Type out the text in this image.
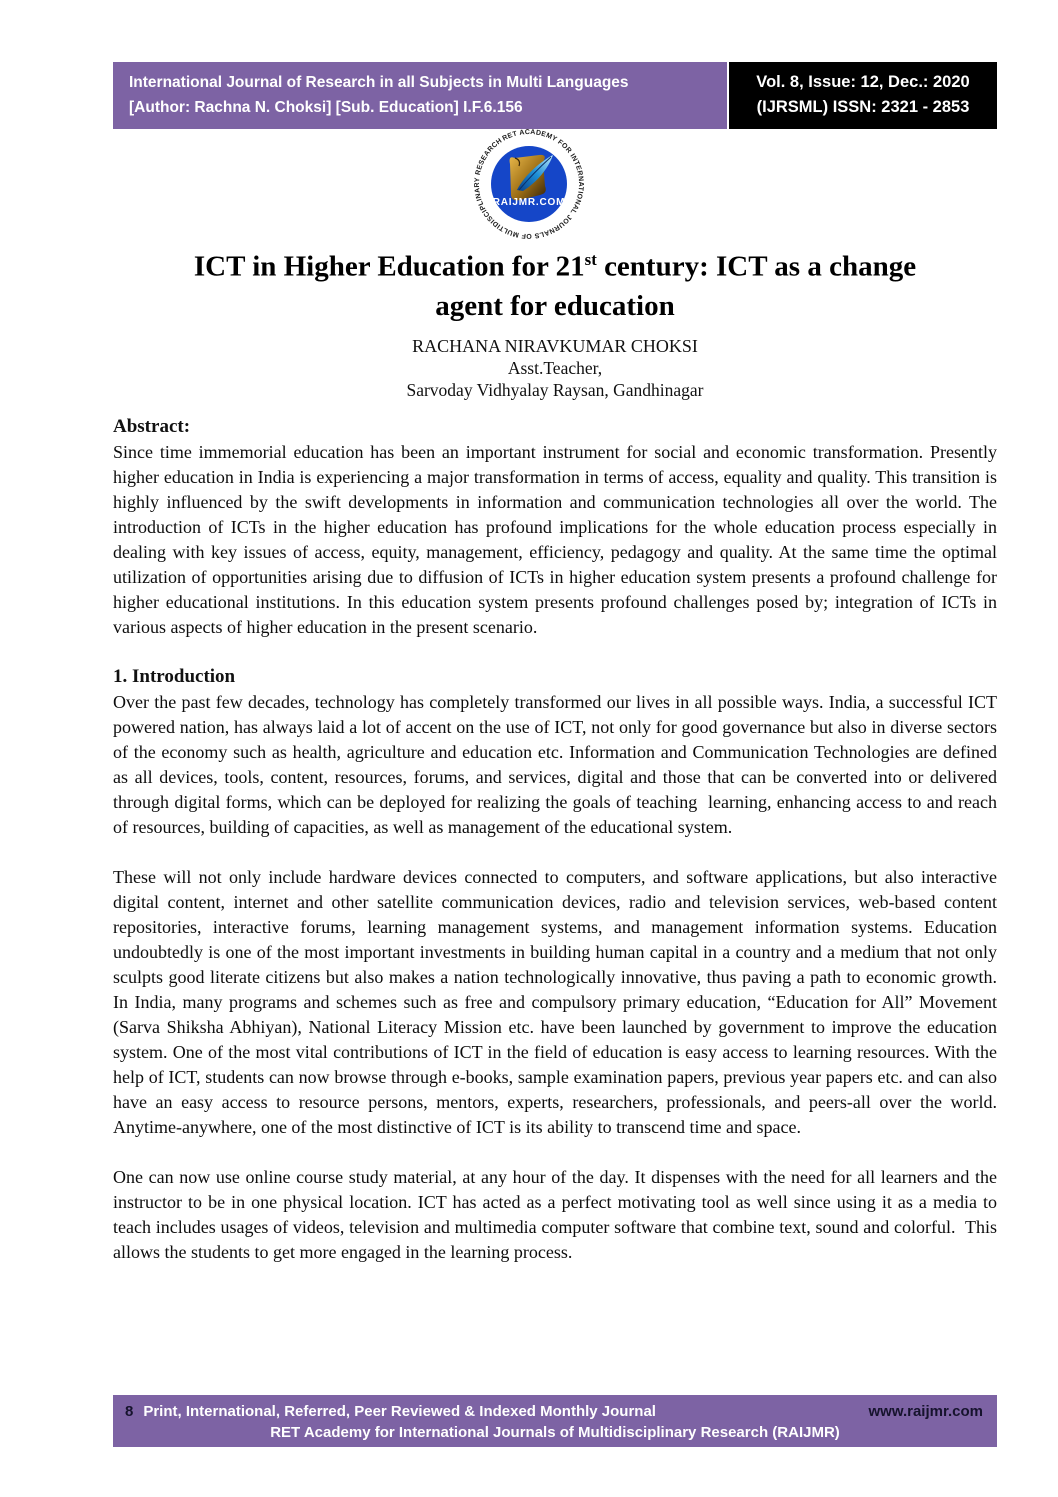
International Journal of Research in all Subjects in Multi Languages
[Author: Rachna N. Choksi] [Sub. Education] I.F.6.156
Vol. 8, Issue: 12, Dec.: 2020
(IJRSML) ISSN: 2321 - 2853
RET ACADEMY FOR INTERNATIONAL JOURNALS OF MULTIDISCIPLINARY RESEARCH
RAIJMR.COM
ICT in Higher Education for 21st century: ICT as a change
agent for education
RACHANA NIRAVKUMAR CHOKSI
Asst.Teacher,
Sarvoday Vidhyalay Raysan, Gandhinagar
Abstract:
Since time immemorial education has been an important instrument for social and economic transformation. Presently higher education in India is experiencing a major transformation in terms of access, equality and quality. This transition is highly influenced by the swift developments in information and communication technologies all over the world. The introduction of ICTs in the higher education has profound implications for the whole education process especially in dealing with key issues of access, equity, management, efficiency, pedagogy and quality. At the same time the optimal utilization of opportunities arising due to diffusion of ICTs in higher education system presents a profound challenge for higher educational institutions. In this education system presents profound challenges posed by; integration of ICTs in various aspects of higher education in the present scenario.
1. Introduction
Over the past few decades, technology has completely transformed our lives in all possible ways. India, a successful ICT powered nation, has always laid a lot of accent on the use of ICT, not only for good governance but also in diverse sectors of the economy such as health, agriculture and education etc. Information and Communication Technologies are defined as all devices, tools, content, resources, forums, and services, digital and those that can be converted into or delivered through digital forms, which can be deployed for realizing the goals of teaching  learning, enhancing access to and reach of resources, building of capacities, as well as management of the educational system.
These will not only include hardware devices connected to computers, and software applications, but also interactive digital content, internet and other satellite communication devices, radio and television services, web-based content repositories, interactive forums, learning management systems, and management information systems. Education undoubtedly is one of the most important investments in building human capital in a country and a medium that not only sculpts good literate citizens but also makes a nation technologically innovative, thus paving a path to economic growth. In India, many programs and schemes such as free and compulsory primary education, “Education for All” Movement (Sarva Shiksha Abhiyan), National Literacy Mission etc. have been launched by government to improve the education system. One of the most vital contributions of ICT in the field of education is easy access to learning resources. With the help of ICT, students can now browse through e-books, sample examination papers, previous year papers etc. and can also have an easy access to resource persons, mentors, experts, researchers, professionals, and peers-all over the world. Anytime-anywhere, one of the most distinctive of ICT is its ability to transcend time and space.
One can now use online course study material, at any hour of the day. It dispenses with the need for all learners and the instructor to be in one physical location. ICT has acted as a perfect motivating tool as well since using it as a media to teach includes usages of videos, television and multimedia computer software that combine text, sound and colorful.  This allows the students to get more engaged in the learning process.
8 Print, International, Referred, Peer Reviewed & Indexed Monthly Journal	www.raijmr.com
RET Academy for International Journals of Multidisciplinary Research (RAIJMR)
